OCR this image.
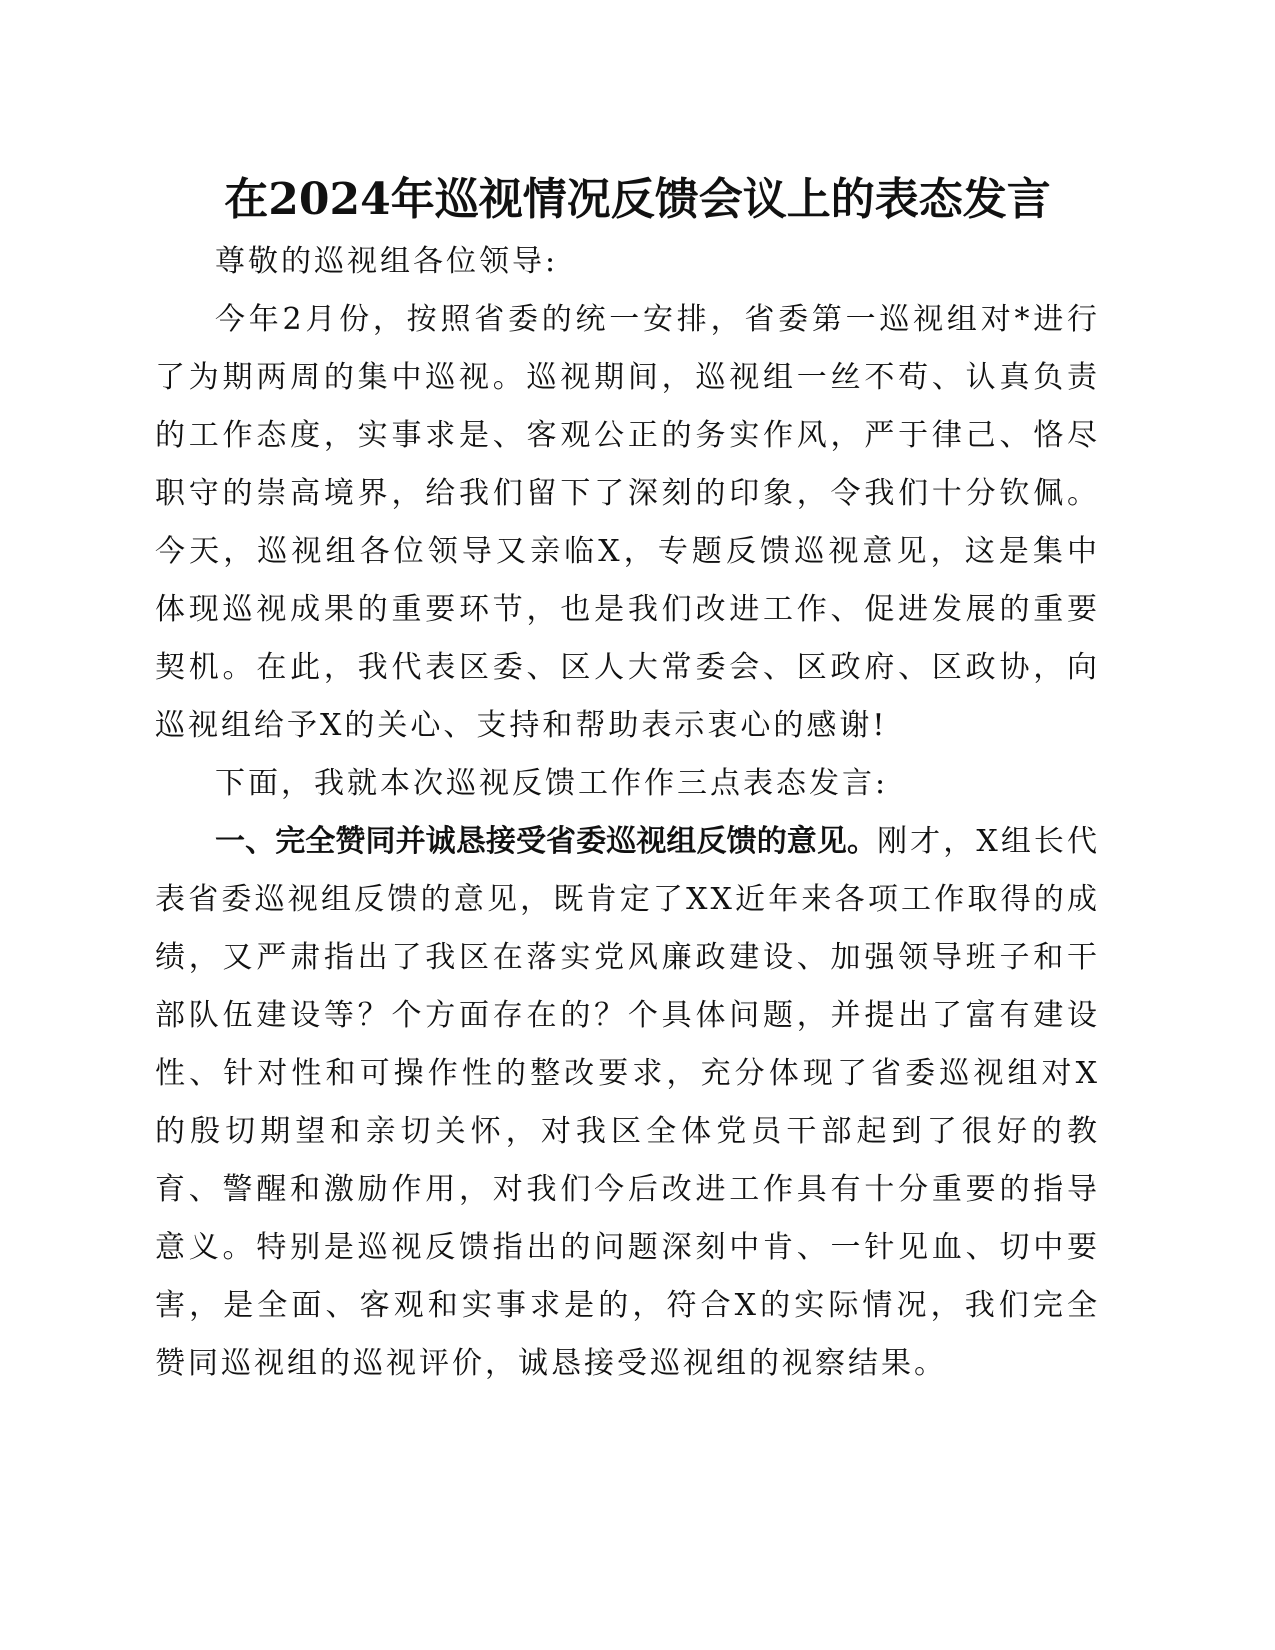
在2024年巡视情况反馈会议上的表态发言

尊敬的巡视组各位领导:

今年2月份，按照省委的统一安排，省委第一巡视组对*进行了为期两周的集中巡视。巡视期间，巡视组一丝不苟、认真负责的工作态度，实事求是、客观公正的务实作风，严于律己、恪尽职守的崇高境界，给我们留下了深刻的印象，令我们十分钦佩。今天，巡视组各位领导又亲临X，专题反馈巡视意见，这是集中体现巡视成果的重要环节，也是我们改进工作、促进发展的重要契机。在此，我代表区委、区人大常委会、区政府、区政协，向巡视组给予X的关心、支持和帮助表示衷心的感谢!

下面，我就本次巡视反馈工作作三点表态发言:

一、完全赞同并诚恳接受省委巡视组反馈的意见。刚才，X组长代表省委巡视组反馈的意见，既肯定了XX近年来各项工作取得的成绩，又严肃指出了我区在落实党风廉政建设、加强领导班子和干部队伍建设等？个方面存在的？个具体问题，并提出了富有建设性、针对性和可操作性的整改要求，充分体现了省委巡视组对X的殷切期望和亲切关怀，对我区全体党员干部起到了很好的教育、警醒和激励作用，对我们今后改进工作具有十分重要的指导意义。特别是巡视反馈指出的问题深刻中肯、一针见血、切中要害，是全面、客观和实事求是的，符合X的实际情况，我们完全赞同巡视组的巡视评价，诚恳接受巡视组的视察结果。
